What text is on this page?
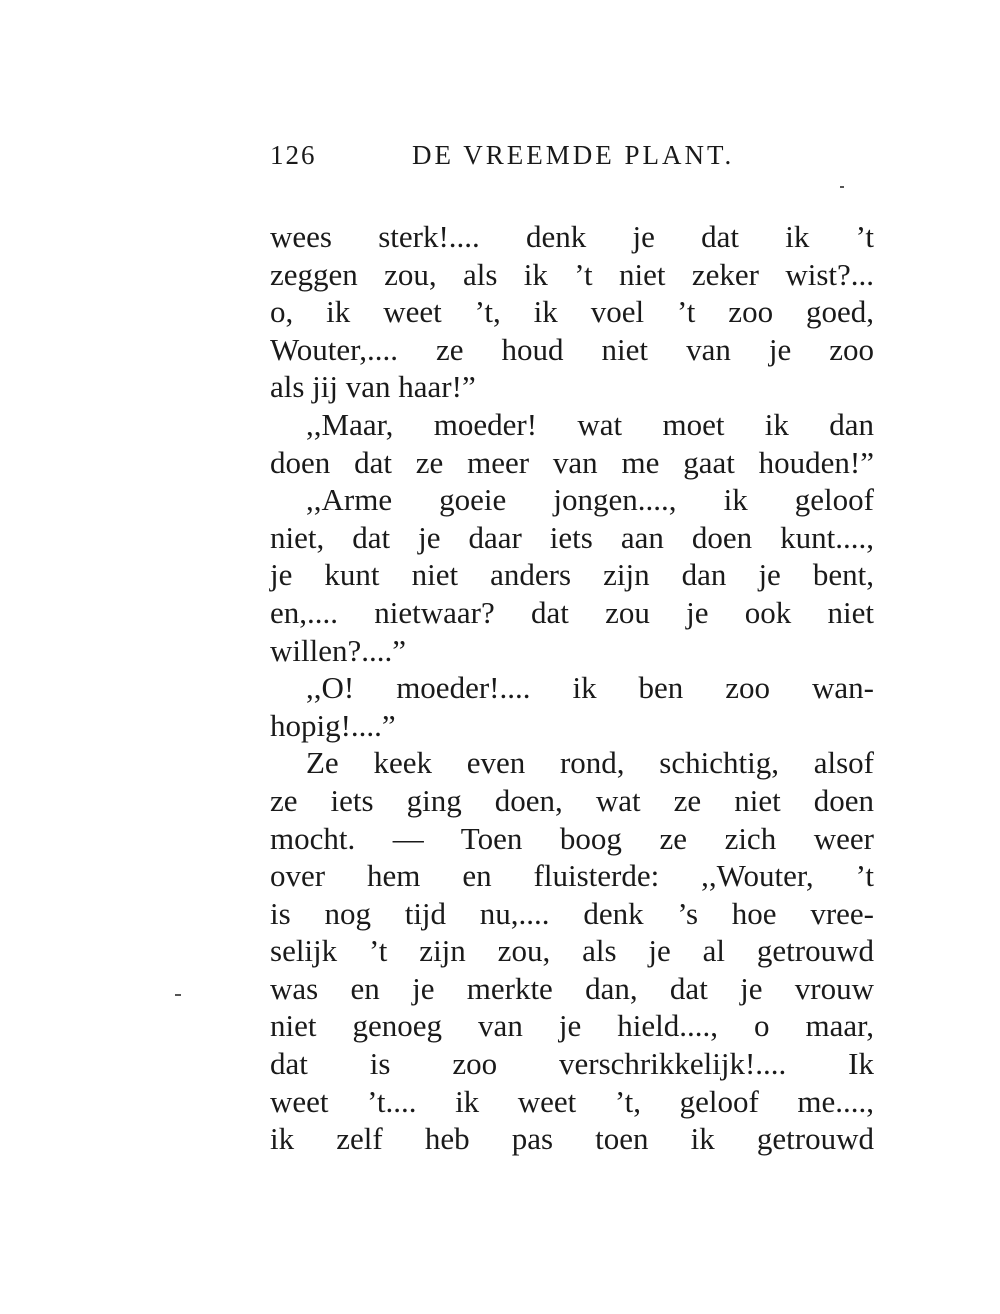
126	DE VREEMDE PLANT.
wees sterk!.... denk je dat ik ’t
zeggen zou, als ik ’t niet zeker wist?...
o, ik weet ’t, ik voel ’t zoo goed,
Wouter,.... ze houd niet van je zoo
als jij van haar!”
,,Maar, moeder! wat moet ik dan
doen dat ze meer van me gaat houden!”
,,Arme goeie jongen...., ik geloof
niet, dat je daar iets aan doen kunt....,
je kunt niet anders zijn dan je bent,
en,.... nietwaar? dat zou je ook niet
willen?....”
,,O! moeder!.... ik ben zoo wan-
hopig!....”
Ze keek even rond, schichtig, alsof
ze iets ging doen, wat ze niet doen
mocht. — Toen boog ze zich weer
over hem en fluisterde: ,,Wouter, ’t
is nog tijd nu,.... denk ’s hoe vree-
selijk ’t zijn zou, als je al getrouwd
was en je merkte dan, dat je vrouw
niet genoeg van je hield...., o maar,
dat is zoo verschrikkelijk!.... Ik
weet ’t.... ik weet ’t, geloof me....,
ik zelf heb pas toen ik getrouwd
